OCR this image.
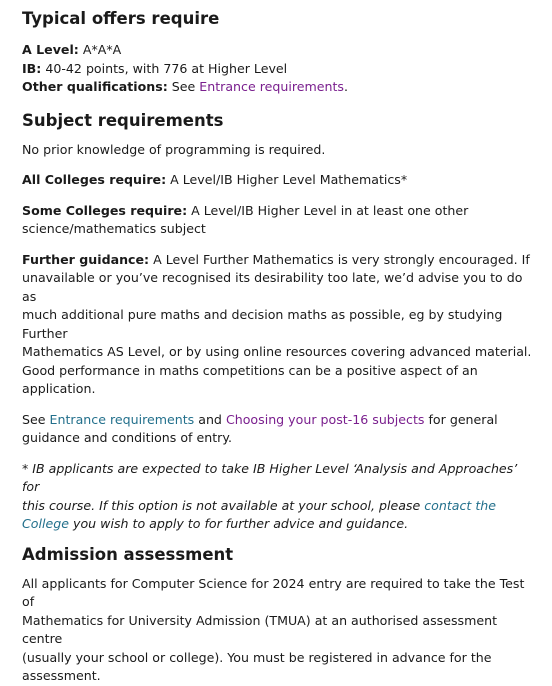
Typical offers require

A Level: A*A*A

IB: 40-42 points, with 776 at Higher Level

Other qualifications: See Entrance requirements.

Subject requirements

No prior knowledge of programming is required.

All Colleges require: A Level/IB Higher Level Mathematics*

Some Colleges require: A Level/IB Higher Level in at least one other
science/mathematics subject

Further guidance: A Level Further Mathematics is very strongly encouraged. If
unavailable or you’ve recognised its desirability too late, we’d advise you to do as
much additional pure maths and decision maths as possible, eg by studying Further
Mathematics AS Level, or by using online resources covering advanced material.
Good performance in maths competitions can be a positive aspect of an application.

See Entrance requirements and Choosing your post-16 subjects for general
guidance and conditions of entry.

* IB applicants are expected to take IB Higher Level ‘Analysis and Approaches’ for
this course. If this option is not available at your school, please contact the
College you wish to apply to for further advice and guidance.

Admission assessment

All applicants for Computer Science for 2024 entry are required to take the Test of
Mathematics for University Admission (TMUA) at an authorised assessment centre
(usually your school or college). You must be registered in advance for the
assessment.
